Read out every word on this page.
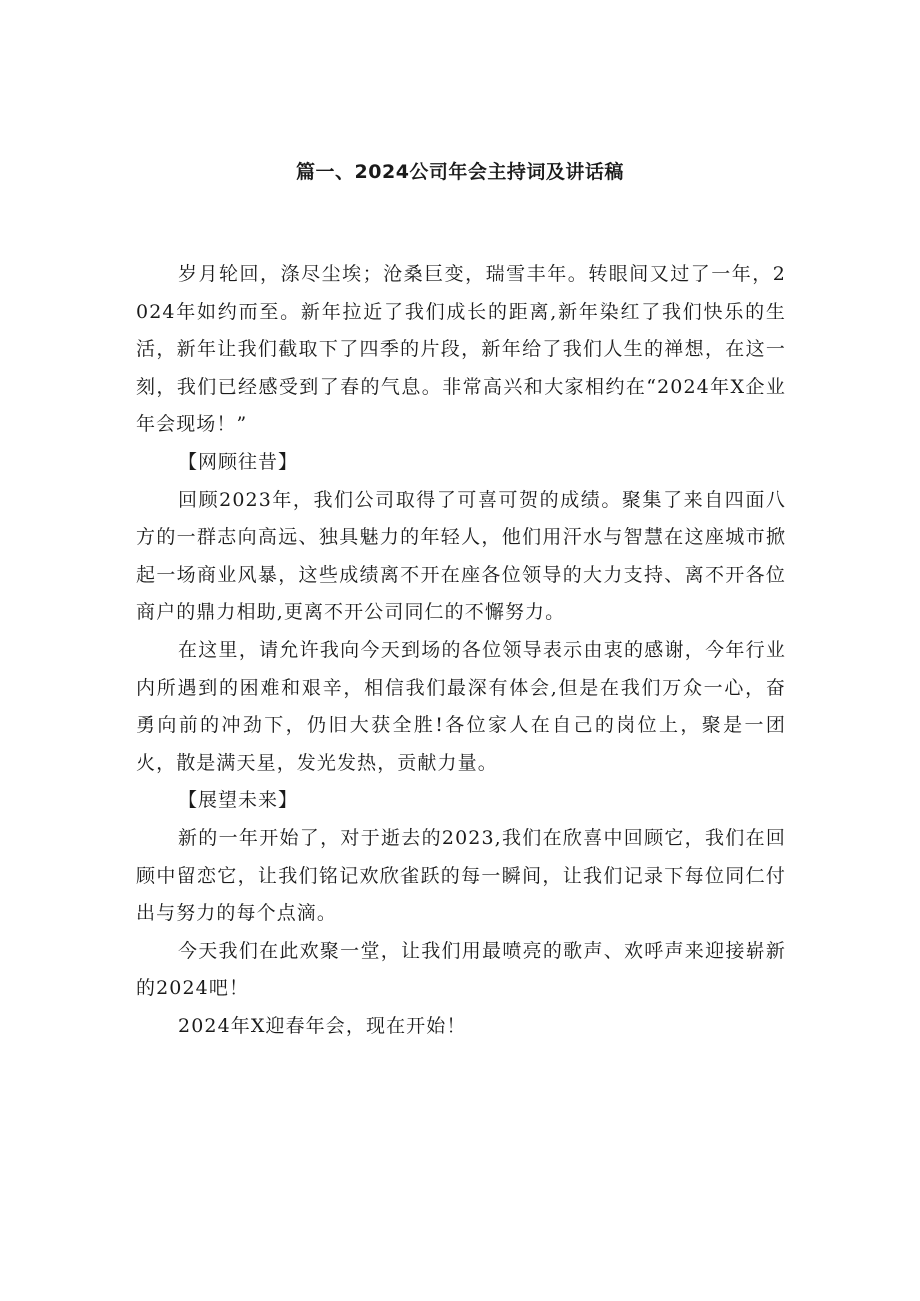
篇一、2024公司年会主持词及讲话稿

岁月轮回，涤尽尘埃；沧桑巨变，瑞雪丰年。转眼间又过了一年，2024年如约而至。新年拉近了我们成长的距离,新年染红了我们快乐的生活，新年让我们截取下了四季的片段，新年给了我们人生的禅想，在这一刻，我们已经感受到了春的气息。非常高兴和大家相约在“2024年X企业年会现场！”

【网顾往昔】

回顾2023年，我们公司取得了可喜可贺的成绩。聚集了来自四面八方的一群志向高远、独具魅力的年轻人，他们用汗水与智慧在这座城市掀起一场商业风暴，这些成绩离不开在座各位领导的大力支持、离不开各位商户的鼎力相助,更离不开公司同仁的不懈努力。

在这里，请允许我向今天到场的各位领导表示由衷的感谢，今年行业内所遇到的困难和艰辛，相信我们最深有体会,但是在我们万众一心，奋勇向前的冲劲下，仍旧大获全胜!各位家人在自己的岗位上，聚是一团火，散是满天星，发光发热，贡献力量。

【展望未来】

新的一年开始了，对于逝去的2023,我们在欣喜中回顾它，我们在回顾中留恋它，让我们铭记欢欣雀跃的每一瞬间，让我们记录下每位同仁付出与努力的每个点滴。

今天我们在此欢聚一堂，让我们用最喷亮的歌声、欢呼声来迎接崭新的2024吧！

2024年X迎春年会，现在开始！
